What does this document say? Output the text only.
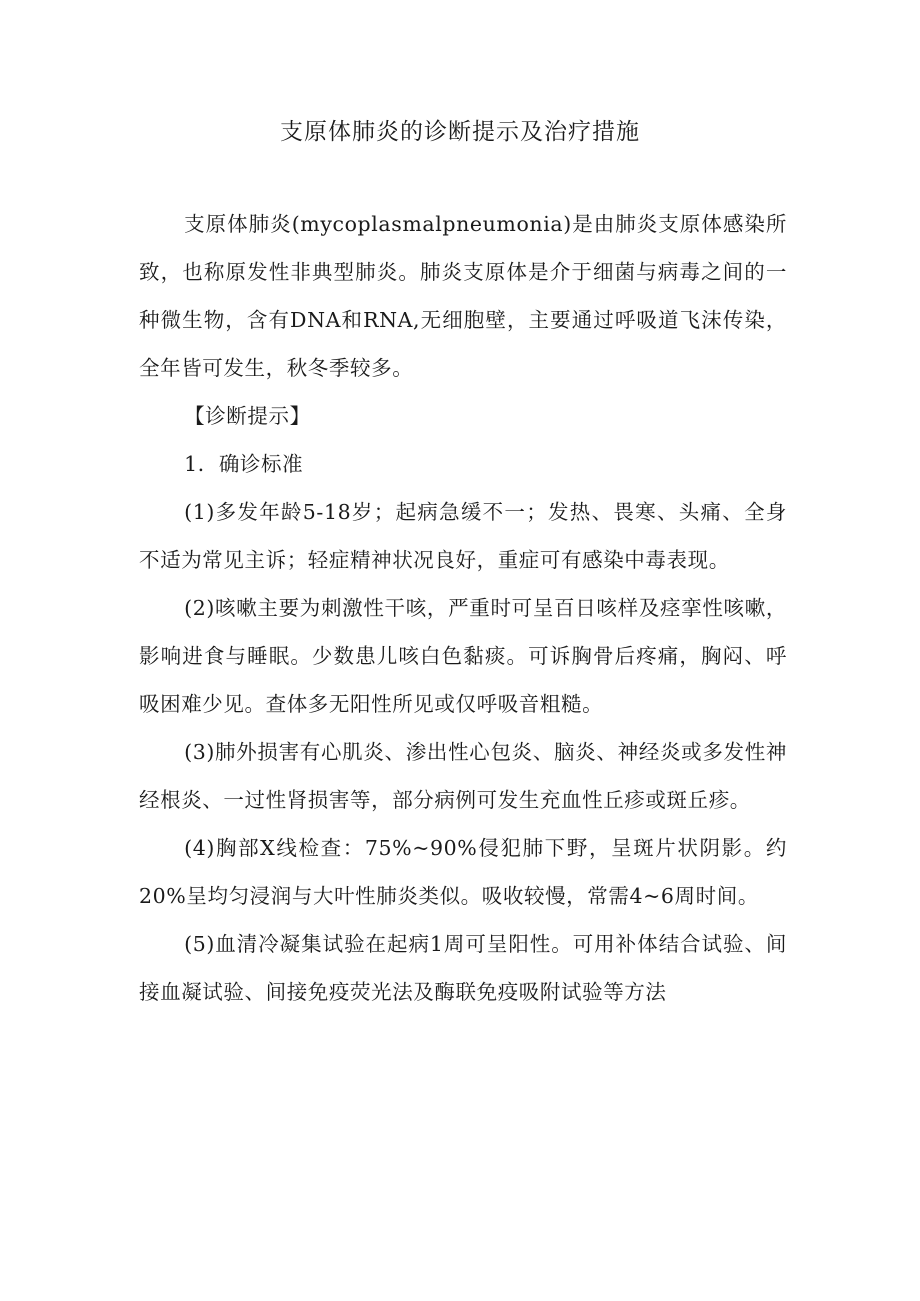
支原体肺炎的诊断提示及治疗措施

支原体肺炎(mycoplasmalpneumonia)是由肺炎支原体感染所致，也称原发性非典型肺炎。肺炎支原体是介于细菌与病毒之间的一种微生物，含有DNA和RNA,无细胞壁，主要通过呼吸道飞沫传染，全年皆可发生，秋冬季较多。

【诊断提示】

1．确诊标准

(1)多发年龄5-18岁；起病急缓不一；发热、畏寒、头痛、全身不适为常见主诉；轻症精神状况良好，重症可有感染中毒表现。

(2)咳嗽主要为刺激性干咳，严重时可呈百日咳样及痉挛性咳嗽，影响进食与睡眠。少数患儿咳白色黏痰。可诉胸骨后疼痛，胸闷、呼吸困难少见。查体多无阳性所见或仅呼吸音粗糙。

(3)肺外损害有心肌炎、渗出性心包炎、脑炎、神经炎或多发性神经根炎、一过性肾损害等，部分病例可发生充血性丘疹或斑丘疹。

(4)胸部X线检查：75%~90%侵犯肺下野，呈斑片状阴影。约20%呈均匀浸润与大叶性肺炎类似。吸收较慢，常需4~6周时间。

(5)血清冷凝集试验在起病1周可呈阳性。可用补体结合试验、间接血凝试验、间接免疫荧光法及酶联免疫吸附试验等方法
